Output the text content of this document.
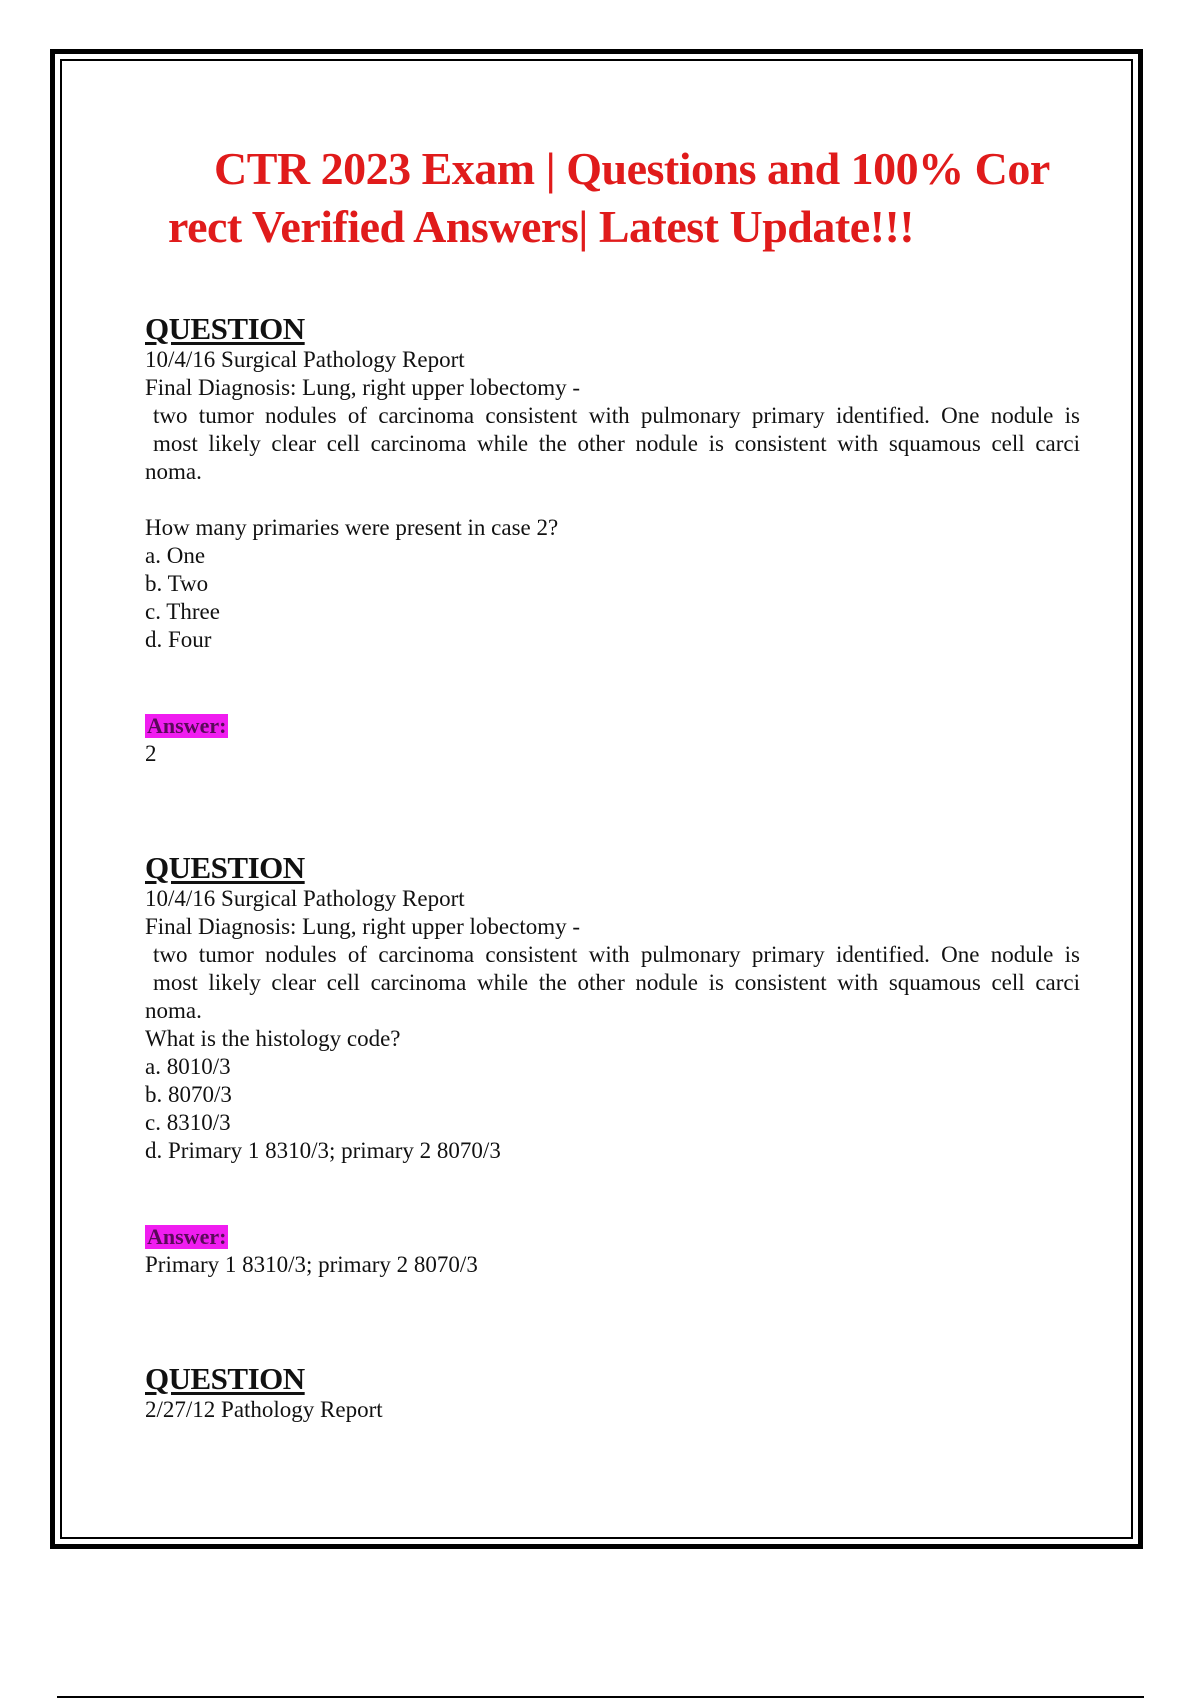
CTR 2023 Exam | Questions and 100% Cor
rect Verified Answers| Latest Update!!!
QUESTION
10/4/16 Surgical Pathology Report
Final Diagnosis: Lung, right upper lobectomy -
two tumor nodules of carcinoma consistent with pulmonary primary identified. One nodule is
most likely clear cell carcinoma while the other nodule is consistent with squamous cell carci
noma.
How many primaries were present in case 2?
a. One
b. Two
c. Three
d. Four
Answer:
2
QUESTION
10/4/16 Surgical Pathology Report
Final Diagnosis: Lung, right upper lobectomy -
two tumor nodules of carcinoma consistent with pulmonary primary identified. One nodule is
most likely clear cell carcinoma while the other nodule is consistent with squamous cell carci
noma.
What is the histology code?
a. 8010/3
b. 8070/3
c. 8310/3
d. Primary 1 8310/3; primary 2 8070/3
Answer:
Primary 1 8310/3; primary 2 8070/3
QUESTION
2/27/12 Pathology Report
